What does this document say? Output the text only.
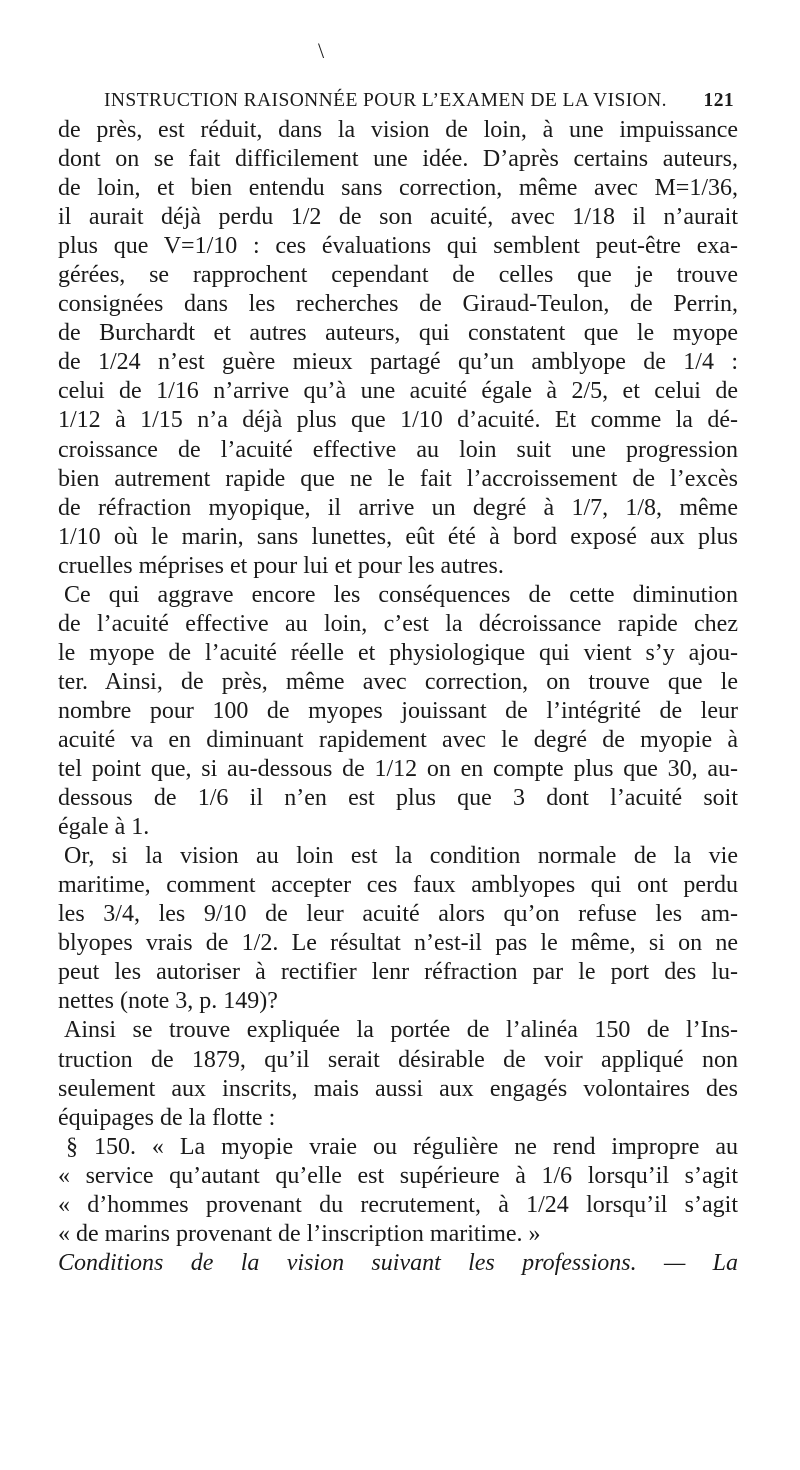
\
INSTRUCTION RAISONNÉE POUR L’EXAMEN DE LA VISION. 121
de près, est réduit, dans la vision de loin, à une impuissance
dont on se fait difficilement une idée. D’après certains auteurs,
de loin, et bien entendu sans correction, même avec M=1/36,
il aurait déjà perdu 1/2 de son acuité, avec 1/18 il n’aurait
plus que V=1/10 : ces évaluations qui semblent peut-être exa-
gérées, se rapprochent cependant de celles que je trouve
consignées dans les recherches de Giraud-Teulon, de Perrin,
de Burchardt et autres auteurs, qui constatent que le myope
de 1/24 n’est guère mieux partagé qu’un amblyope de 1/4 :
celui de 1/16 n’arrive qu’à une acuité égale à 2/5, et celui de
1/12 à 1/15 n’a déjà plus que 1/10 d’acuité. Et comme la dé-
croissance de l’acuité effective au loin suit une progression
bien autrement rapide que ne le fait l’accroissement de l’excès
de réfraction myopique, il arrive un degré à 1/7, 1/8, même
1/10 où le marin, sans lunettes, eût été à bord exposé aux plus
cruelles méprises et pour lui et pour les autres.
Ce qui aggrave encore les conséquences de cette diminution
de l’acuité effective au loin, c’est la décroissance rapide chez
le myope de l’acuité réelle et physiologique qui vient s’y ajou-
ter. Ainsi, de près, même avec correction, on trouve que le
nombre pour 100 de myopes jouissant de l’intégrité de leur
acuité va en diminuant rapidement avec le degré de myopie à
tel point que, si au-dessous de 1/12 on en compte plus que 30, au-
dessous de 1/6 il n’en est plus que 3 dont l’acuité soit
égale à 1.
Or, si la vision au loin est la condition normale de la vie
maritime, comment accepter ces faux amblyopes qui ont perdu
les 3/4, les 9/10 de leur acuité alors qu’on refuse les am-
blyopes vrais de 1/2. Le résultat n’est-il pas le même, si on ne
peut les autoriser à rectifier lenr réfraction par le port des lu-
nettes (note 3, p. 149)?
Ainsi se trouve expliquée la portée de l’alinéa 150 de l’Ins-
truction de 1879, qu’il serait désirable de voir appliqué non
seulement aux inscrits, mais aussi aux engagés volontaires des
équipages de la flotte :
§ 150. « La myopie vraie ou régulière ne rend impropre au
« service qu’autant qu’elle est supérieure à 1/6 lorsqu’il s’agit
« d’hommes provenant du recrutement, à 1/24 lorsqu’il s’agit
« de marins provenant de l’inscription maritime. »
Conditions de la vision suivant les professions. — La
